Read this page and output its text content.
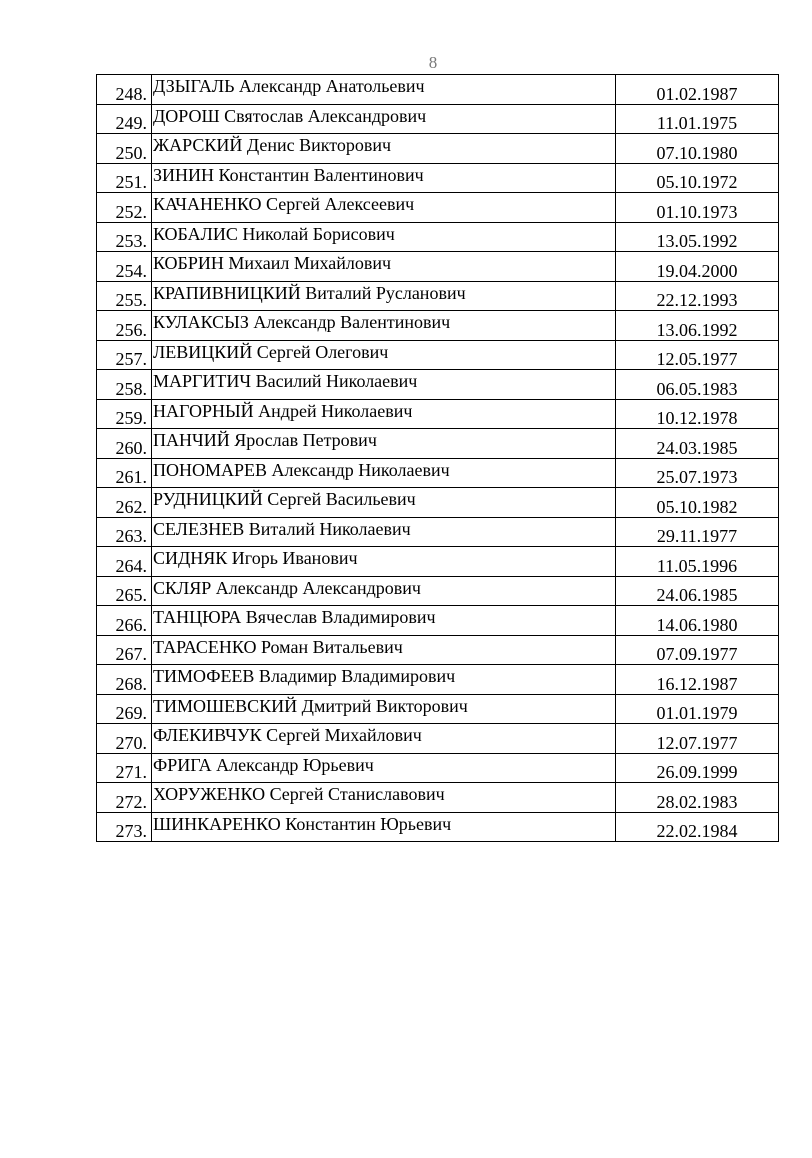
8
248.	ДЗЫГАЛЬ Александр Анатольевич	01.02.1987
249.	ДОРОШ Святослав Александрович	11.01.1975
250.	ЖАРСКИЙ Денис Викторович	07.10.1980
251.	ЗИНИН Константин Валентинович	05.10.1972
252.	КАЧАНЕНКО Сергей Алексеевич	01.10.1973
253.	КОБАЛИС Николай Борисович	13.05.1992
254.	КОБРИН Михаил Михайлович	19.04.2000
255.	КРАПИВНИЦКИЙ Виталий Русланович	22.12.1993
256.	КУЛАКСЫЗ Александр Валентинович	13.06.1992
257.	ЛЕВИЦКИЙ Сергей Олегович	12.05.1977
258.	МАРГИТИЧ Василий Николаевич	06.05.1983
259.	НАГОРНЫЙ Андрей Николаевич	10.12.1978
260.	ПАНЧИЙ Ярослав Петрович	24.03.1985
261.	ПОНОМАРЕВ Александр Николаевич	25.07.1973
262.	РУДНИЦКИЙ Сергей Васильевич	05.10.1982
263.	СЕЛЕЗНЕВ Виталий Николаевич	29.11.1977
264.	СИДНЯК Игорь Иванович	11.05.1996
265.	СКЛЯР Александр Александрович	24.06.1985
266.	ТАНЦЮРА Вячеслав Владимирович	14.06.1980
267.	ТАРАСЕНКО Роман Витальевич	07.09.1977
268.	ТИМОФЕЕВ Владимир Владимирович	16.12.1987
269.	ТИМОШЕВСКИЙ Дмитрий Викторович	01.01.1979
270.	ФЛЕКИВЧУК Сергей Михайлович	12.07.1977
271.	ФРИГА Александр Юрьевич	26.09.1999
272.	ХОРУЖЕНКО Сергей Станиславович	28.02.1983
273.	ШИНКАРЕНКО Константин Юрьевич	22.02.1984
